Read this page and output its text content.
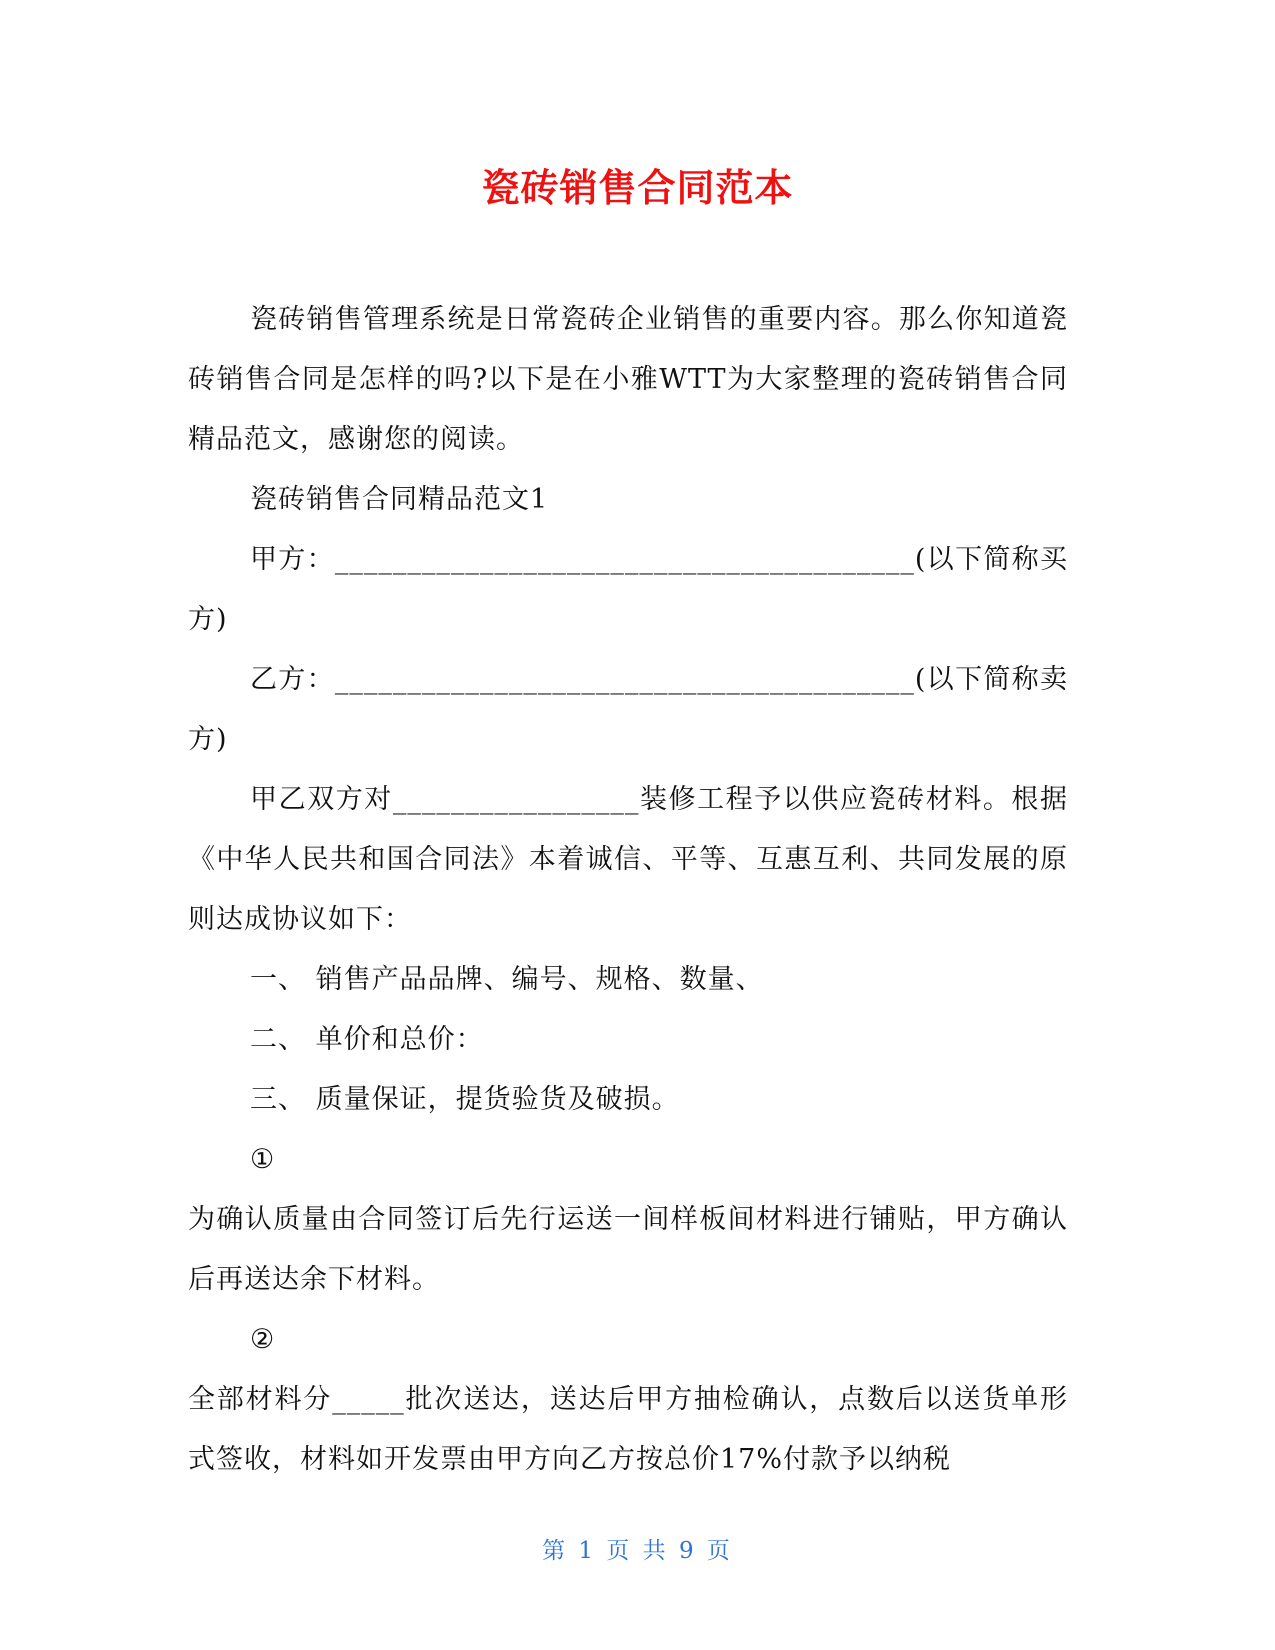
瓷砖销售合同范本

瓷砖销售管理系统是日常瓷砖企业销售的重要内容。那么你知道瓷砖销售合同是怎样的吗?以下是在小雅WTT为大家整理的瓷砖销售合同精品范文，感谢您的阅读。

瓷砖销售合同精品范文1

甲方：________________________________________(以下简称买方)

乙方：________________________________________(以下简称卖方)

甲乙双方对_________________装修工程予以供应瓷砖材料。根据《中华人民共和国合同法》本着诚信、平等、互惠互利、共同发展的原则达成协议如下：

一、 销售产品品牌、编号、规格、数量、

二、 单价和总价：

三、 质量保证，提货验货及破损。

①

为确认质量由合同签订后先行运送一间样板间材料进行铺贴，甲方确认后再送达余下材料。

②

全部材料分_____批次送达，送达后甲方抽检确认，点数后以送货单形式签收，材料如开发票由甲方向乙方按总价17%付款予以纳税

第 1 页 共 9 页
